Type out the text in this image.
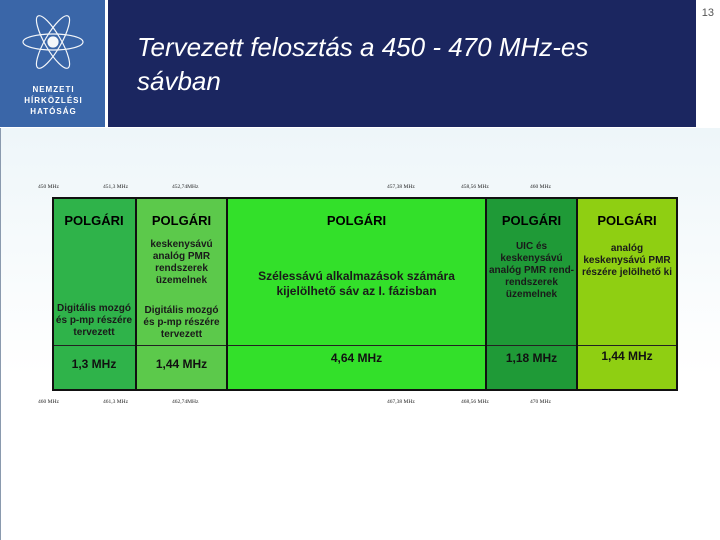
13
NEMZETI
HÍRKÖZLÉSI
HATÓSÁG
Tervezett felosztás a 450 - 470 MHz-es
sávban
450 MHz	451,3 MHz	452,74MHz	457,38 MHz	458,56 MHz	460 MHz
POLGÁRI
Digitális mozgó és p-mp részére tervezett
1,3 MHz
POLGÁRI
keskenysávú analóg PMR rendszerek üzemelnek
Digitális mozgó és p-mp részére tervezett
1,44 MHz
POLGÁRI
Szélessávú alkalmazások számára kijelölhető sáv az I. fázisban
4,64 MHz
POLGÁRI
UIC és keskenysávú analóg PMR rend-rendszerek üzemelnek
1,18 MHz
POLGÁRI
analóg keskenysávú PMR részére jelölhető ki
1,44 MHz
460 MHz	461,3 MHz	462,74MHz	467,38 MHz	468,56 MHz	470 MHz
